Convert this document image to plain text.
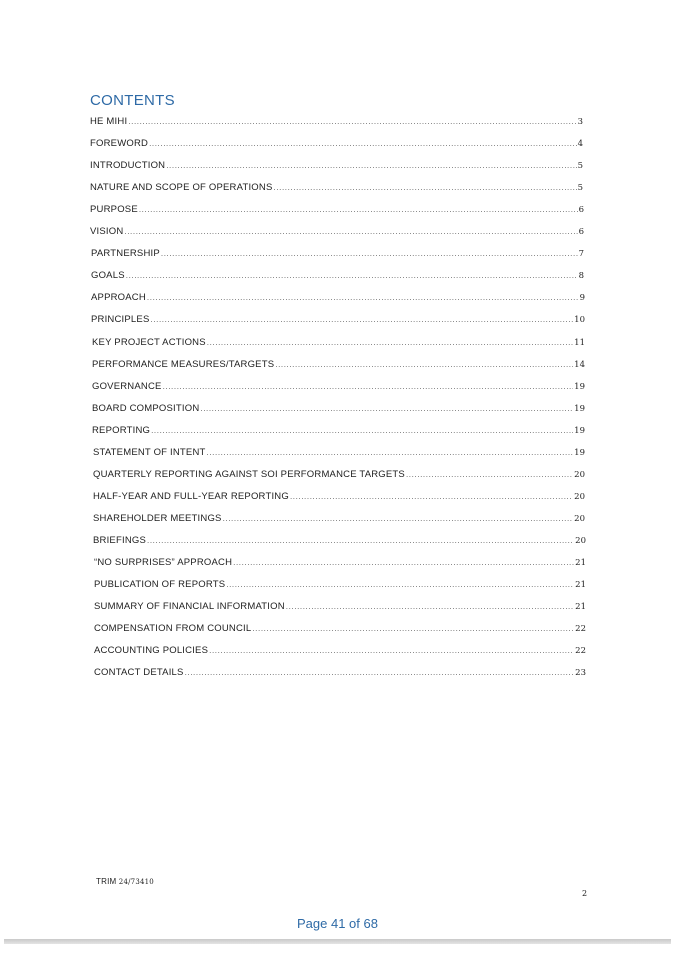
CONTENTS
HE MIHI .....	3
FOREWORD .....	4
INTRODUCTION .....	5
NATURE AND SCOPE OF OPERATIONS .....	5
PURPOSE .....	6
VISION .....	6
PARTNERSHIP .....	7
GOALS .....	8
APPROACH .....	9
PRINCIPLES .....	10
KEY PROJECT ACTIONS .....	11
PERFORMANCE MEASURES/TARGETS .....	14
GOVERNANCE .....	19
BOARD COMPOSITION .....	19
REPORTING .....	19
STATEMENT OF INTENT .....	19
QUARTERLY REPORTING AGAINST SOI PERFORMANCE TARGETS .....	20
HALF-YEAR AND FULL-YEAR REPORTING .....	20
SHAREHOLDER MEETINGS .....	20
BRIEFINGS .....	20
“NO SURPRISES” APPROACH .....	21
PUBLICATION OF REPORTS .....	21
SUMMARY OF FINANCIAL INFORMATION .....	21
COMPENSATION FROM COUNCIL .....	22
ACCOUNTING POLICIES .....	22
CONTACT DETAILS .....	23
TRIM 24/73410
2
Page 41 of 68
